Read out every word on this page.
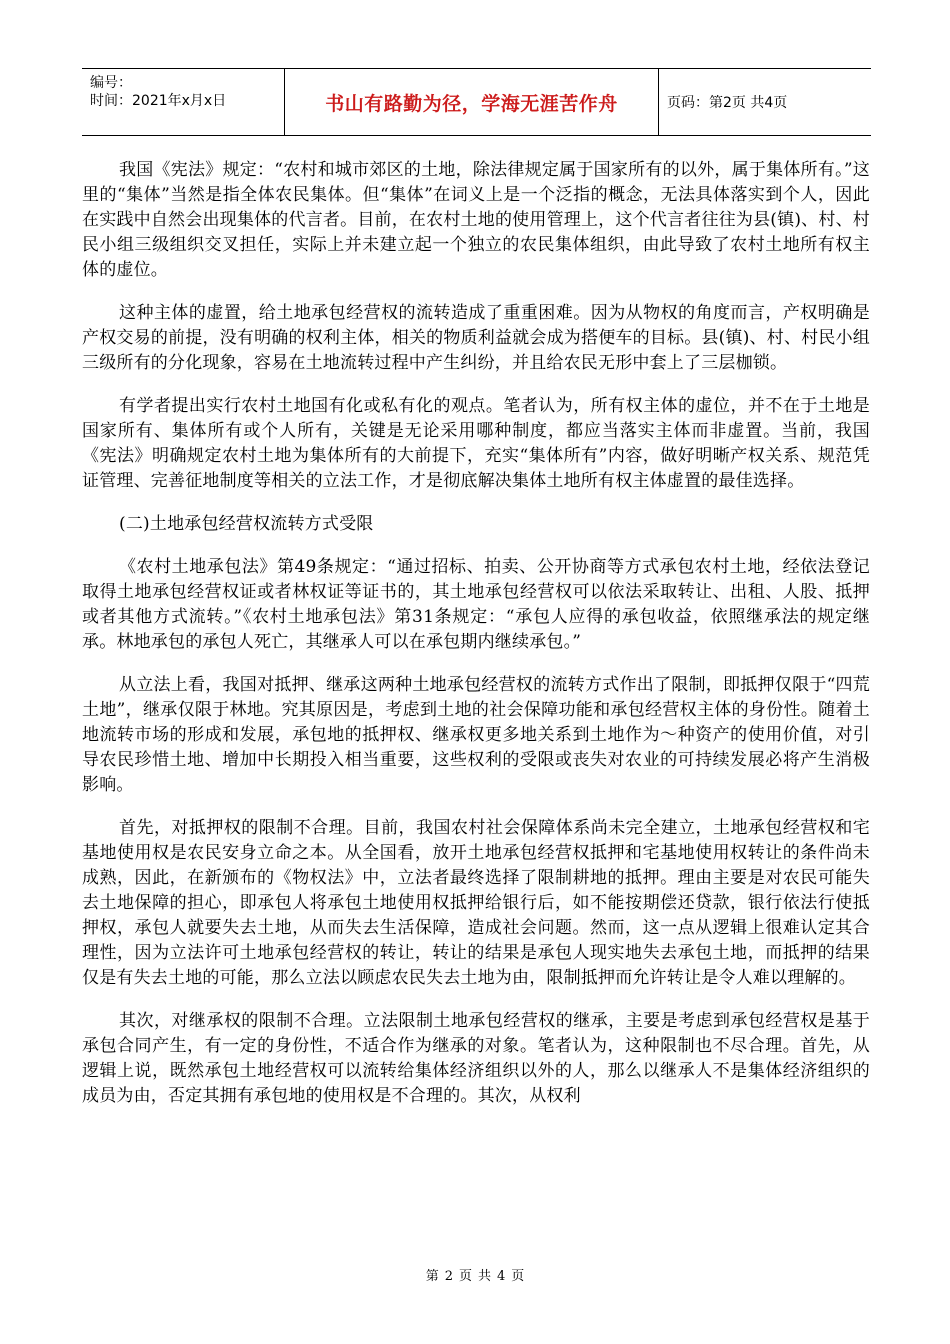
编号：
时间：2021年x月x日	书山有路勤为径，学海无涯苦作舟	页码：第2页 共4页

我国《宪法》规定：“农村和城市郊区的土地，除法律规定属于国家所有的以外，属于集体所有。”这里的“集体”当然是指全体农民集体。但“集体”在词义上是一个泛指的概念，无法具体落实到个人，因此在实践中自然会出现集体的代言者。目前，在农村土地的使用管理上，这个代言者往往为县(镇)、村、村民小组三级组织交叉担任，实际上并未建立起一个独立的农民集体组织，由此导致了农村土地所有权主体的虚位。

这种主体的虚置，给土地承包经营权的流转造成了重重困难。因为从物权的角度而言，产权明确是产权交易的前提，没有明确的权利主体，相关的物质利益就会成为搭便车的目标。县(镇)、村、村民小组三级所有的分化现象，容易在土地流转过程中产生纠纷，并且给农民无形中套上了三层枷锁。

有学者提出实行农村土地国有化或私有化的观点。笔者认为，所有权主体的虚位，并不在于土地是国家所有、集体所有或个人所有，关键是无论采用哪种制度，都应当落实主体而非虚置。当前，我国《宪法》明确规定农村土地为集体所有的大前提下，充实“集体所有”内容，做好明晰产权关系、规范凭证管理、完善征地制度等相关的立法工作，才是彻底解决集体土地所有权主体虚置的最佳选择。

(二)土地承包经营权流转方式受限

《农村土地承包法》第49条规定：“通过招标、拍卖、公开协商等方式承包农村土地，经依法登记取得土地承包经营权证或者林权证等证书的，其土地承包经营权可以依法采取转让、出租、人股、抵押或者其他方式流转。”《农村土地承包法》第31条规定：“承包人应得的承包收益，依照继承法的规定继承。林地承包的承包人死亡，其继承人可以在承包期内继续承包。”

从立法上看，我国对抵押、继承这两种土地承包经营权的流转方式作出了限制，即抵押仅限于“四荒土地”，继承仅限于林地。究其原因是，考虑到土地的社会保障功能和承包经营权主体的身份性。随着土地流转市场的形成和发展，承包地的抵押权、继承权更多地关系到土地作为～种资产的使用价值，对引导农民珍惜土地、增加中长期投入相当重要，这些权利的受限或丧失对农业的可持续发展必将产生消极影响。

首先，对抵押权的限制不合理。目前，我国农村社会保障体系尚未完全建立，土地承包经营权和宅基地使用权是农民安身立命之本。从全国看，放开土地承包经营权抵押和宅基地使用权转让的条件尚未成熟，因此，在新颁布的《物权法》中，立法者最终选择了限制耕地的抵押。理由主要是对农民可能失去土地保障的担心，即承包人将承包土地使用权抵押给银行后，如不能按期偿还贷款，银行依法行使抵押权，承包人就要失去土地，从而失去生活保障，造成社会问题。然而，这一点从逻辑上很难认定其合理性，因为立法许可土地承包经营权的转让，转让的结果是承包人现实地失去承包土地，而抵押的结果仅是有失去土地的可能，那么立法以顾虑农民失去土地为由，限制抵押而允许转让是令人难以理解的。

其次，对继承权的限制不合理。立法限制土地承包经营权的继承，主要是考虑到承包经营权是基于承包合同产生，有一定的身份性，不适合作为继承的对象。笔者认为，这种限制也不尽合理。首先，从逻辑上说，既然承包土地经营权可以流转给集体经济组织以外的人，那么以继承人不是集体经济组织的成员为由，否定其拥有承包地的使用权是不合理的。其次，从权利

第 2 页 共 4 页
